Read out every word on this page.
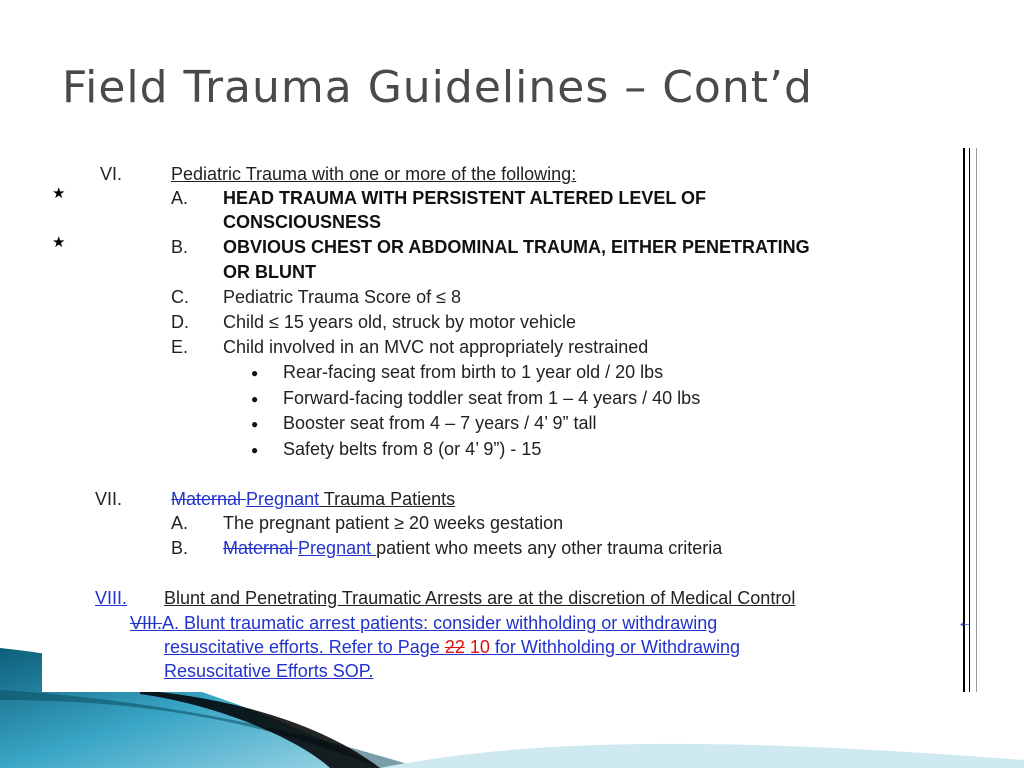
Field Trauma Guidelines – Cont’d
VI.	Pediatric Trauma with one or more of the following:
★	A. HEAD TRAUMA WITH PERSISTENT ALTERED LEVEL OF
CONSCIOUSNESS
★	B. OBVIOUS CHEST OR ABDOMINAL TRAUMA, EITHER PENETRATING
OR BLUNT
C. Pediatric Trauma Score of ≤ 8
D. Child ≤ 15 years old, struck by motor vehicle
E. Child involved in an MVC not appropriately restrained
● Rear-facing seat from birth to 1 year old / 20 lbs
● Forward-facing toddler seat from 1 – 4 years / 40 lbs
● Booster seat from 4 – 7 years / 4’ 9” tall
● Safety belts from 8 (or 4’ 9”) - 15
VII.	Maternal Pregnant Trauma Patients
A. The pregnant patient ≥ 20 weeks gestation
B. Maternal Pregnant patient who meets any other trauma criteria
VIII. Blunt and Penetrating Traumatic Arrests are at the discretion of Medical Control
VIII.A. Blunt traumatic arrest patients: consider withholding or withdrawing
resuscitative efforts. Refer to Page 22 10 for Withholding or Withdrawing
Resuscitative Efforts SOP.
←
